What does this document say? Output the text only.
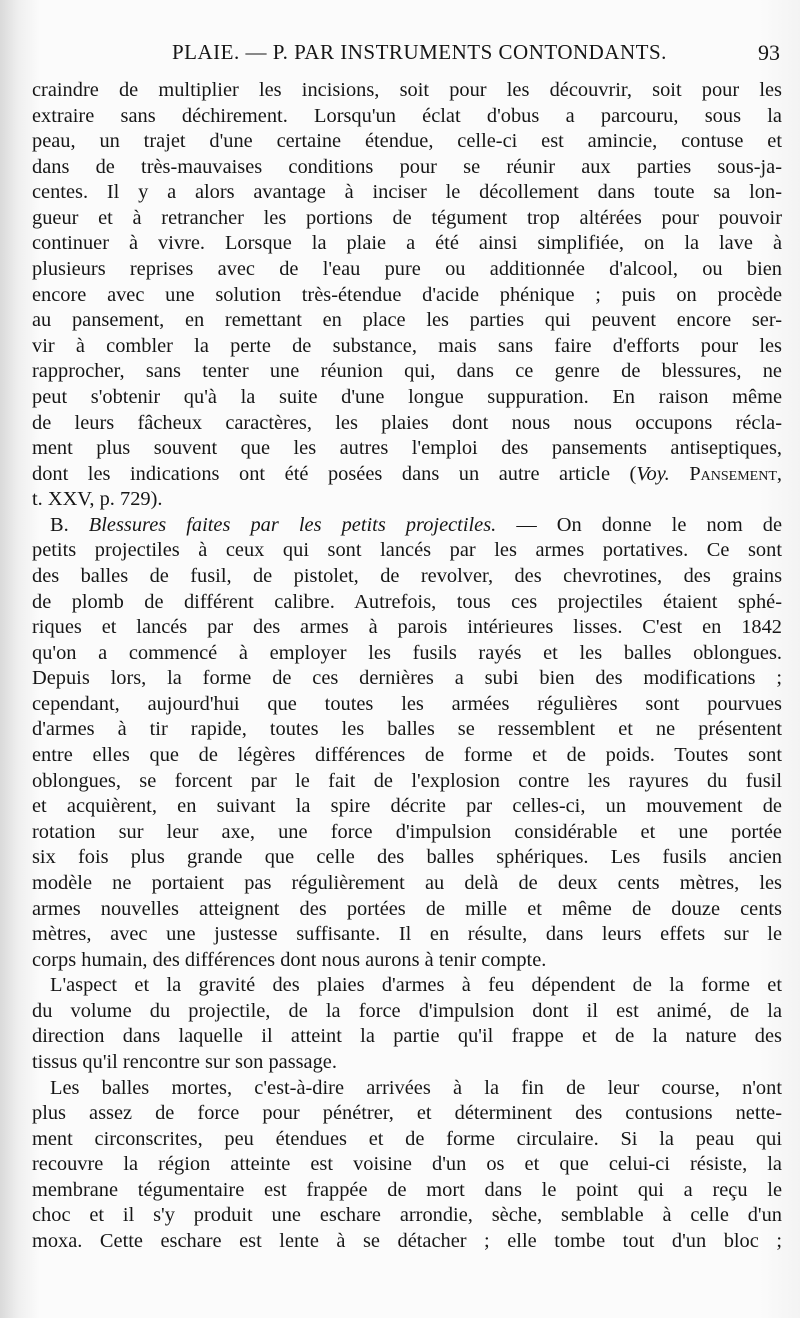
PLAIE. — P. PAR INSTRUMENTS CONTONDANTS.	93

craindre de multiplier les incisions, soit pour les découvrir, soit pour les
extraire sans déchirement. Lorsqu'un éclat d'obus a parcouru, sous la
peau, un trajet d'une certaine étendue, celle-ci est amincie, contuse et
dans de très-mauvaises conditions pour se réunir aux parties sous-ja-
centes. Il y a alors avantage à inciser le décollement dans toute sa lon-
gueur et à retrancher les portions de tégument trop altérées pour pouvoir
continuer à vivre. Lorsque la plaie a été ainsi simplifiée, on la lave à
plusieurs reprises avec de l'eau pure ou additionnée d'alcool, ou bien
encore avec une solution très-étendue d'acide phénique ; puis on procède
au pansement, en remettant en place les parties qui peuvent encore ser-
vir à combler la perte de substance, mais sans faire d'efforts pour les
rapprocher, sans tenter une réunion qui, dans ce genre de blessures, ne
peut s'obtenir qu'à la suite d'une longue suppuration. En raison même
de leurs fâcheux caractères, les plaies dont nous nous occupons récla-
ment plus souvent que les autres l'emploi des pansements antiseptiques,
dont les indications ont été posées dans un autre article (Voy. Pansement,
t. XXV, p. 729).

B. Blessures faites par les petits projectiles. — On donne le nom de
petits projectiles à ceux qui sont lancés par les armes portatives. Ce sont
des balles de fusil, de pistolet, de revolver, des chevrotines, des grains
de plomb de différent calibre. Autrefois, tous ces projectiles étaient sphé-
riques et lancés par des armes à parois intérieures lisses. C'est en 1842
qu'on a commencé à employer les fusils rayés et les balles oblongues.
Depuis lors, la forme de ces dernières a subi bien des modifications ;
cependant, aujourd'hui que toutes les armées régulières sont pourvues
d'armes à tir rapide, toutes les balles se ressemblent et ne présentent
entre elles que de légères différences de forme et de poids. Toutes sont
oblongues, se forcent par le fait de l'explosion contre les rayures du fusil
et acquièrent, en suivant la spire décrite par celles-ci, un mouvement de
rotation sur leur axe, une force d'impulsion considérable et une portée
six fois plus grande que celle des balles sphériques. Les fusils ancien
modèle ne portaient pas régulièrement au delà de deux cents mètres, les
armes nouvelles atteignent des portées de mille et même de douze cents
mètres, avec une justesse suffisante. Il en résulte, dans leurs effets sur le
corps humain, des différences dont nous aurons à tenir compte.

L'aspect et la gravité des plaies d'armes à feu dépendent de la forme et
du volume du projectile, de la force d'impulsion dont il est animé, de la
direction dans laquelle il atteint la partie qu'il frappe et de la nature des
tissus qu'il rencontre sur son passage.

Les balles mortes, c'est-à-dire arrivées à la fin de leur course, n'ont
plus assez de force pour pénétrer, et déterminent des contusions nette-
ment circonscrites, peu étendues et de forme circulaire. Si la peau qui
recouvre la région atteinte est voisine d'un os et que celui-ci résiste, la
membrane tégumentaire est frappée de mort dans le point qui a reçu le
choc et il s'y produit une eschare arrondie, sèche, semblable à celle d'un
moxa. Cette eschare est lente à se détacher ; elle tombe tout d'un bloc ;
